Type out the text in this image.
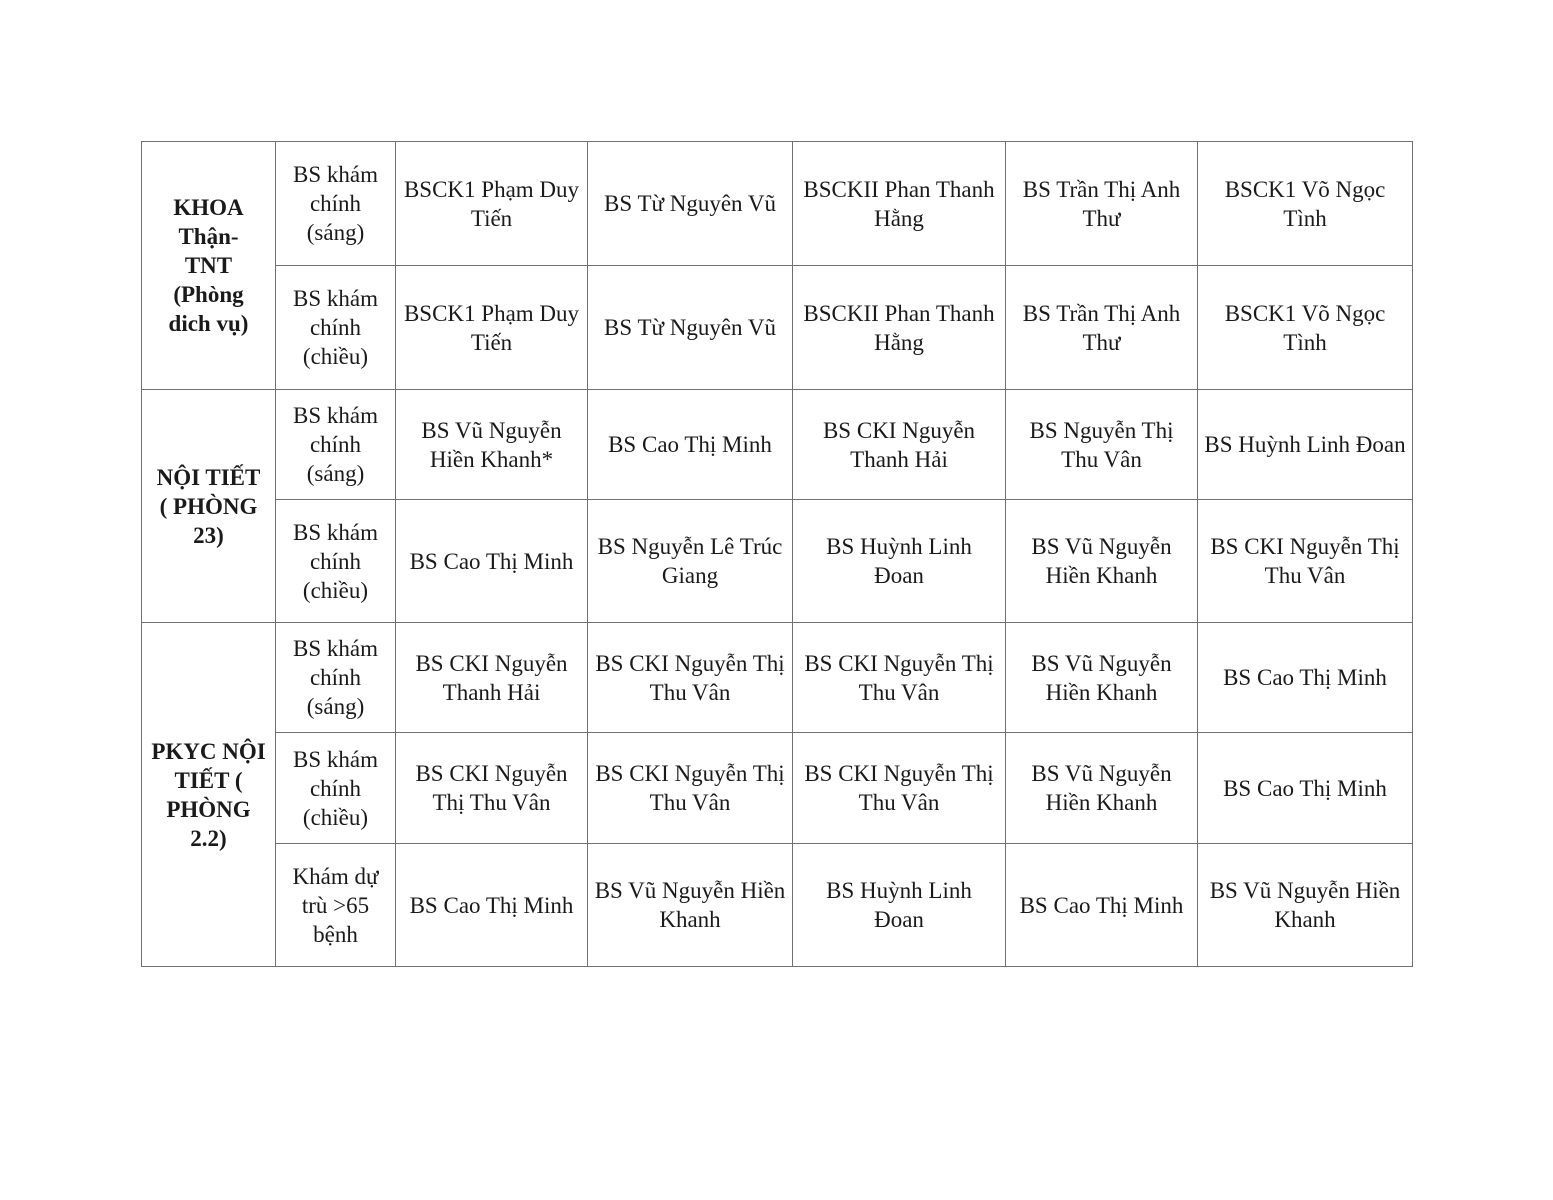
KHOA Thận-TNT (Phòng dich vụ)	BS khám chính (sáng)	BSCK1 Phạm Duy Tiến	BS Từ Nguyên Vũ	BSCKII Phan Thanh Hằng	BS Trần Thị Anh Thư	BSCK1 Võ Ngọc Tình
	BS khám chính (chiều)	BSCK1 Phạm Duy Tiến	BS Từ Nguyên Vũ	BSCKII Phan Thanh Hằng	BS Trần Thị Anh Thư	BSCK1 Võ Ngọc Tình
NỘI TIẾT ( PHÒNG 23)	BS khám chính (sáng)	BS Vũ Nguyễn Hiền Khanh*	BS Cao Thị Minh	BS CKI Nguyễn Thanh Hải	BS Nguyễn Thị Thu Vân	BS Huỳnh Linh Đoan
	BS khám chính (chiều)	BS Cao Thị Minh	BS Nguyễn Lê Trúc Giang	BS Huỳnh Linh Đoan	BS Vũ Nguyễn Hiền Khanh	BS CKI Nguyễn Thị Thu Vân
PKYC NỘI TIẾT ( PHÒNG 2.2)	BS khám chính (sáng)	BS CKI Nguyễn Thanh Hải	BS CKI Nguyễn Thị Thu Vân	BS CKI Nguyễn Thị Thu Vân	BS Vũ Nguyễn Hiền Khanh	BS Cao Thị Minh
	BS khám chính (chiều)	BS CKI Nguyễn Thị Thu Vân	BS CKI Nguyễn Thị Thu Vân	BS CKI Nguyễn Thị Thu Vân	BS Vũ Nguyễn Hiền Khanh	BS Cao Thị Minh
	Khám dự trù >65 bệnh	BS Cao Thị Minh	BS Vũ Nguyễn Hiền Khanh	BS Huỳnh Linh Đoan	BS Cao Thị Minh	BS Vũ Nguyễn Hiền Khanh
